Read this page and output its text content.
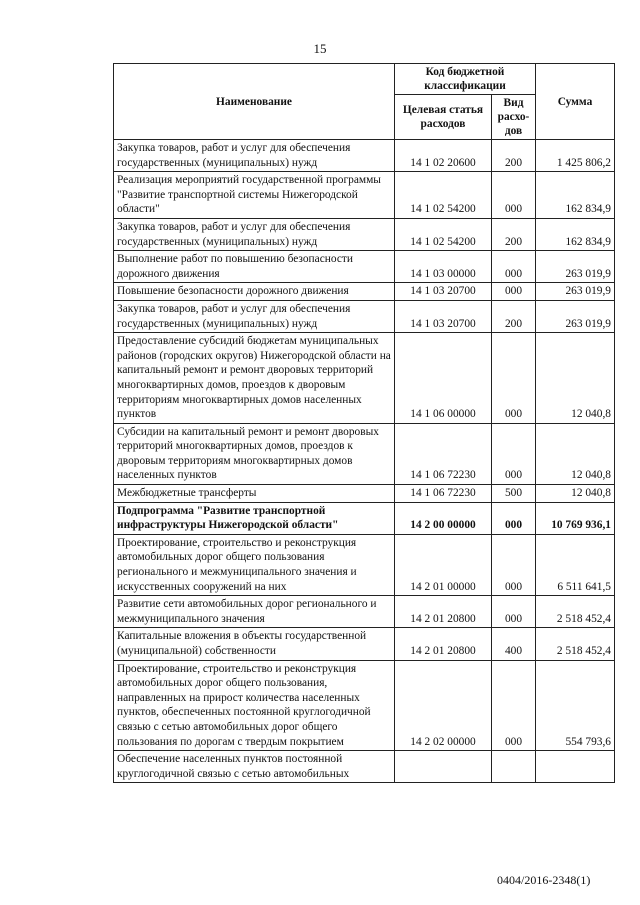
15
Наименование	Код бюджетной классификации		Сумма
	Целевая статья расходов	Вид расхо-дов	
Закупка товаров, работ и услуг для обеспечения государственных (муниципальных) нужд	14 1 02 20600	200	1 425 806,2
Реализация мероприятий государственной программы "Развитие транспортной системы Нижегородской области"	14 1 02 54200	000	162 834,9
Закупка товаров, работ и услуг для обеспечения государственных (муниципальных) нужд	14 1 02 54200	200	162 834,9
Выполнение работ по повышению безопасности дорожного движения	14 1 03 00000	000	263 019,9
Повышение безопасности дорожного движения	14 1 03 20700	000	263 019,9
Закупка товаров, работ и услуг для обеспечения государственных (муниципальных) нужд	14 1 03 20700	200	263 019,9
Предоставление субсидий бюджетам муниципальных районов (городских округов) Нижегородской области на капитальный ремонт и ремонт дворовых территорий многоквартирных домов, проездов к дворовым территориям многоквартирных домов населенных пунктов	14 1 06 00000	000	12 040,8
Субсидии на капитальный ремонт и ремонт дворовых территорий многоквартирных домов, проездов к дворовым территориям многоквартирных домов населенных пунктов	14 1 06 72230	000	12 040,8
Межбюджетные трансферты	14 1 06 72230	500	12 040,8
Подпрограмма "Развитие транспортной инфраструктуры Нижегородской области"	14 2 00 00000	000	10 769 936,1
Проектирование, строительство и реконструкция автомобильных дорог общего пользования регионального и межмуниципального значения и искусственных сооружений на них	14 2 01 00000	000	6 511 641,5
Развитие сети автомобильных дорог регионального и межмуниципального значения	14 2 01 20800	000	2 518 452,4
Капитальные вложения в объекты государственной (муниципальной) собственности	14 2 01 20800	400	2 518 452,4
Проектирование, строительство и реконструкция автомобильных дорог общего пользования, направленных на прирост количества населенных пунктов, обеспеченных постоянной круглогодичной связью с сетью автомобильных дорог общего пользования по дорогам с твердым покрытием	14 2 02 00000	000	554 793,6
Обеспечение населенных пунктов постоянной круглогодичной связью с сетью автомобильных			
0404/2016-2348(1)
